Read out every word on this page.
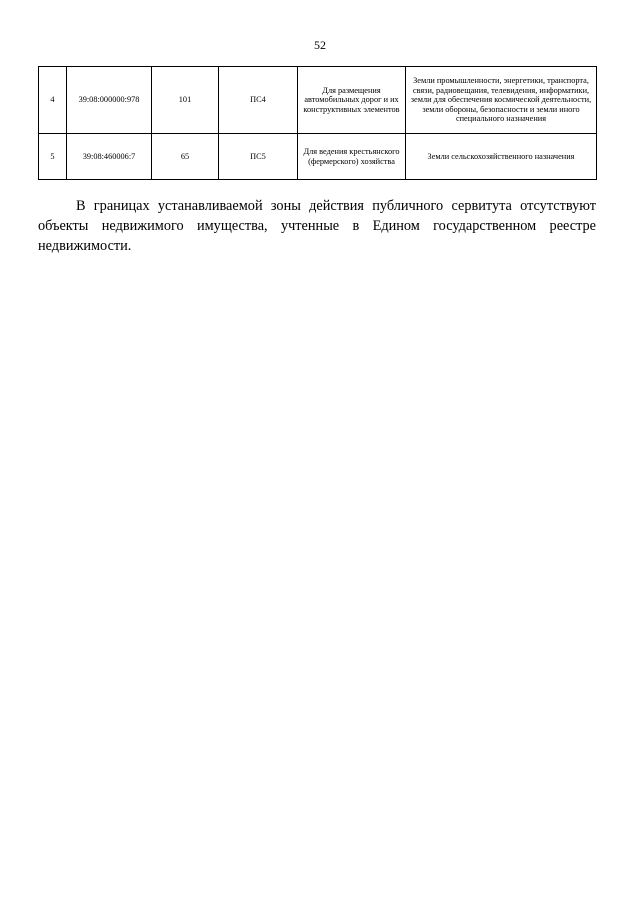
52
4	39:08:000000:978	101	ПС4	Для размещения автомобильных дорог и их конструктивных элементов	Земли промышленности, энергетики, транспорта, связи, радиовещания, телевидения, информатики, земли для обеспечения космической деятельности, земли обороны, безопасности и земли иного специального назначения
5	39:08:460006:7	65	ПС5	Для ведения крестьянского (фермерского) хозяйства	Земли сельскохозяйственного назначения

В границах устанавливаемой зоны действия публичного сервитута отсутствуют объекты недвижимого имущества, учтенные в Едином государственном реестре недвижимости.
